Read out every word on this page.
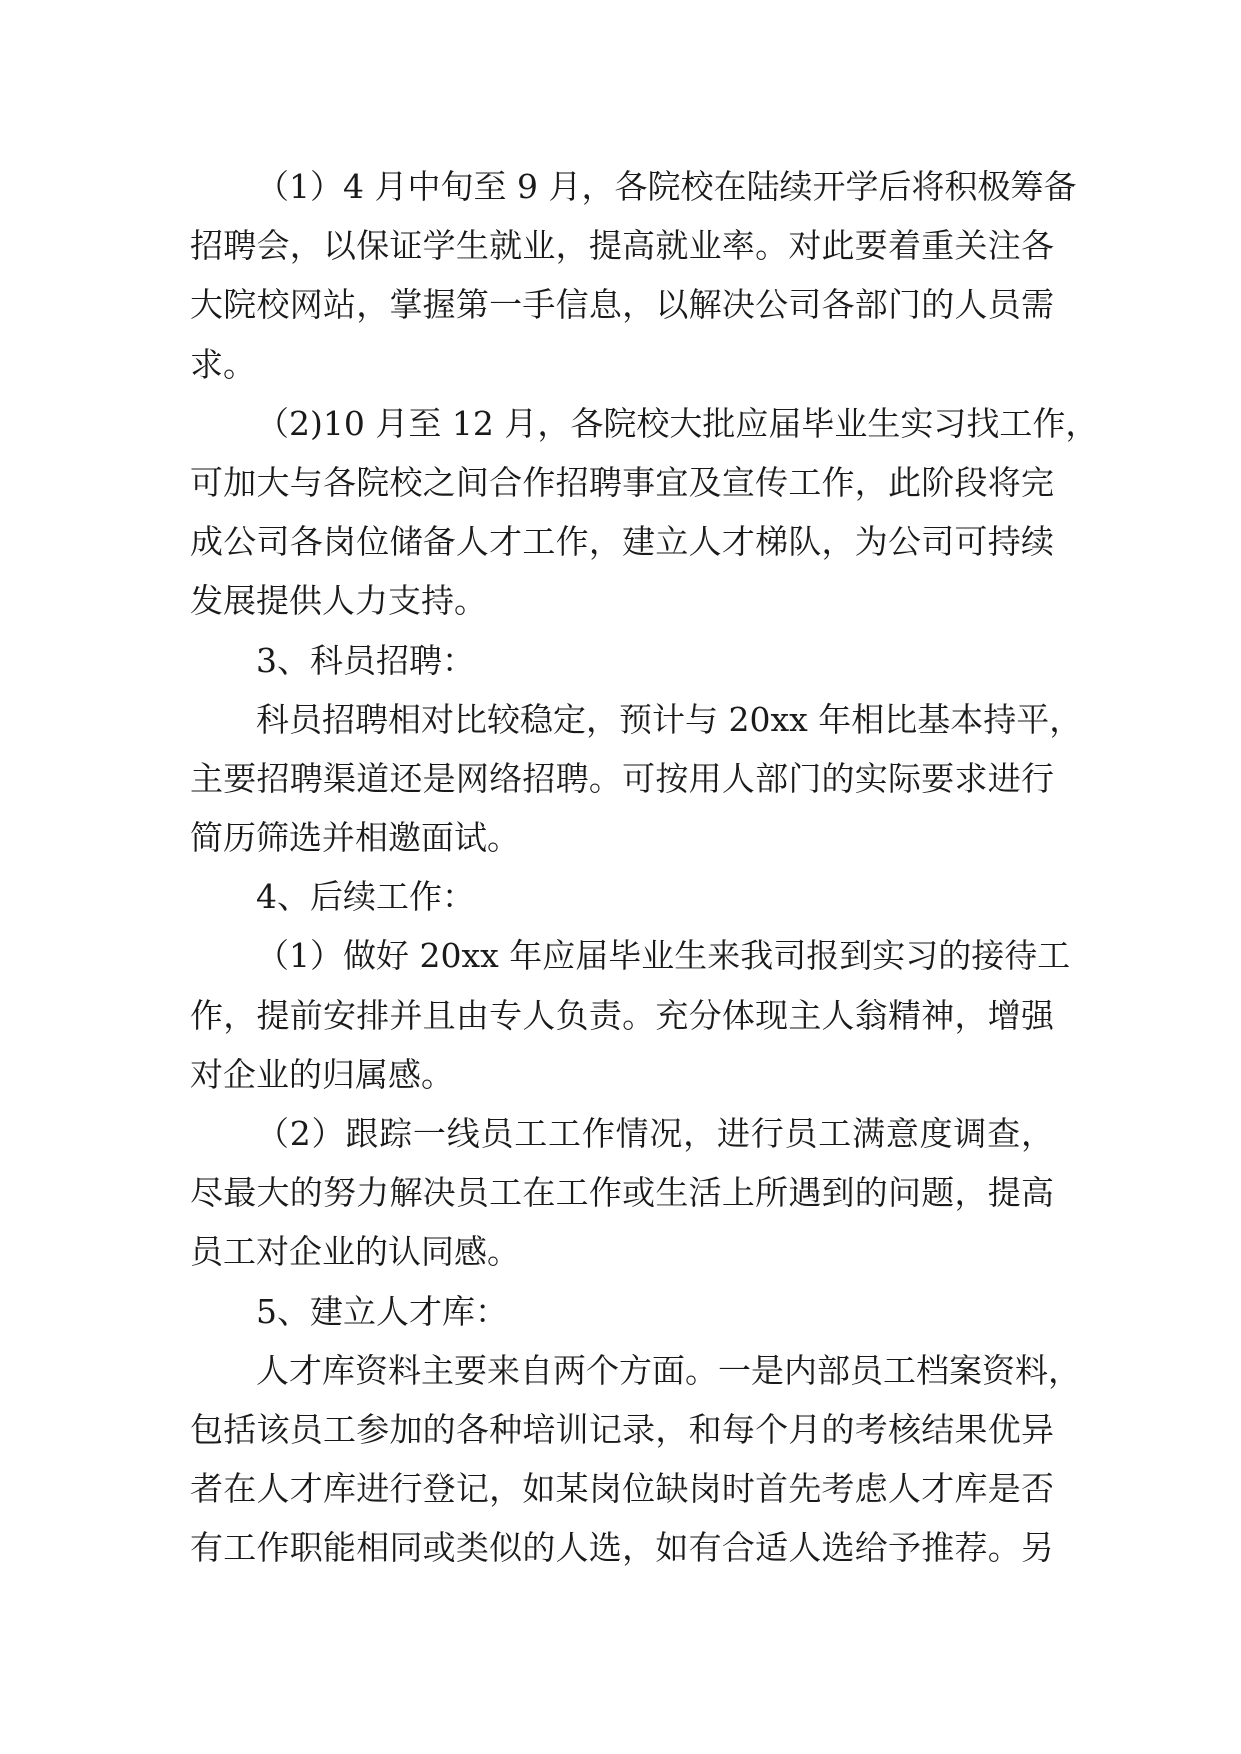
（1）4 月中旬至 9 月，各院校在陆续开学后将积极筹备
招聘会，以保证学生就业，提高就业率。对此要着重关注各
大院校网站，掌握第一手信息，以解决公司各部门的人员需
求。
（2)10 月至 12 月，各院校大批应届毕业生实习找工作，
可加大与各院校之间合作招聘事宜及宣传工作，此阶段将完
成公司各岗位储备人才工作，建立人才梯队，为公司可持续
发展提供人力支持。
3、科员招聘：
科员招聘相对比较稳定，预计与 20xx 年相比基本持平，
主要招聘渠道还是网络招聘。可按用人部门的实际要求进行
简历筛选并相邀面试。
4、后续工作：
（1）做好 20xx 年应届毕业生来我司报到实习的接待工
作，提前安排并且由专人负责。充分体现主人翁精神，增强
对企业的归属感。
（2）跟踪一线员工工作情况，进行员工满意度调查，
尽最大的努力解决员工在工作或生活上所遇到的问题，提高
员工对企业的认同感。
5、建立人才库：
人才库资料主要来自两个方面。一是内部员工档案资料，
包括该员工参加的各种培训记录，和每个月的考核结果优异
者在人才库进行登记，如某岗位缺岗时首先考虑人才库是否
有工作职能相同或类似的人选，如有合适人选给予推荐。另
